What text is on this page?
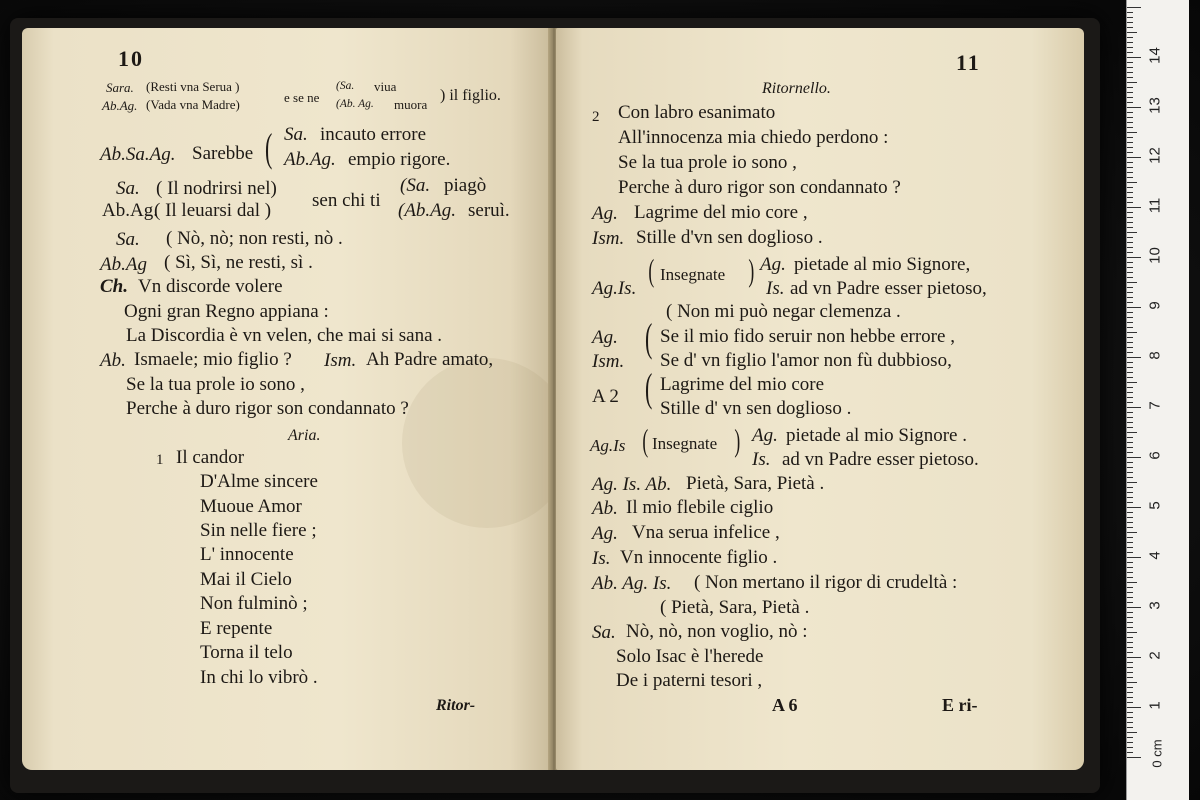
10
Sara. (Resti vna Serua )
Ab.Ag. (Vada vna Madre)	e se ne
(Sa. viua
(Ab. Ag. muora
) il figlio.
Ab.Sa.Ag. Sarebbe ( Sa. incauto errore
Ab.Ag. empio rigore.
Sa. ( Il nodrirsi nel)
Ab.Ag.
( Il leuarsi dal ) sen chi ti
(Sa. piagò
(Ab.Ag. seruì.
Sa. ( Nò, nò; non resti, nò .
Ab.Ag ( Sì, Sì, ne resti, sì .
Ch. Vn discorde volere
Ogni gran Regno appiana :
La Discordia è vn velen, che mai si sana .
Ab. Ismaele; mio figlio ? Ism. Ah Padre amato,
Se la tua prole io sono ,
Perche à duro rigor son condannato ?
Aria.
1 Il candor
D'Alme sincere
Muoue Amor
Sin nelle fiere ;
L' innocente
Mai il Cielo
Non fulminò ;
E repente
Torna il telo
In chi lo vibrò .
Ritor-
11
Ritornello.
2 Con labro esanimato
All'innocenza mia chiedo perdono :
Se la tua prole io sono ,
Perche à duro rigor son condannato ?
Ag. Lagrime del mio core ,
Ism. Stille d'vn sen doglioso .
( Insegnate )
Ag.Is.
Ag. pietade al mio Signore,
Is. ad vn Padre esser pietoso,
( Non mi può negar clemenza .
(
Ag. Se il mio fido seruir non hebbe errore ,
Ism. Se d' vn figlio l'amor non fù dubbioso,
(
A 2
Lagrime del mio core
Stille d' vn sen doglioso .
Ag.Is ( Insegnate ) Ag. pietade al mio Signore .
Is. ad vn Padre esser pietoso.
Ag. Is. Ab. Pietà, Sara, Pietà .
Ab. Il mio flebile ciglio
Ag. Vna serua infelice ,
Is. Vn innocente figlio .
Ab. Ag. Is. ( Non mertano il rigor di crudeltà :
( Pietà, Sara, Pietà .
Sa. Nò, nò, non voglio, nò :
Solo Isac è l'herede
De i paterni tesori ,
A 6	E ri-	1
2
3
4
5
6
7
8
9
10
11
12
13
14
0 cm
